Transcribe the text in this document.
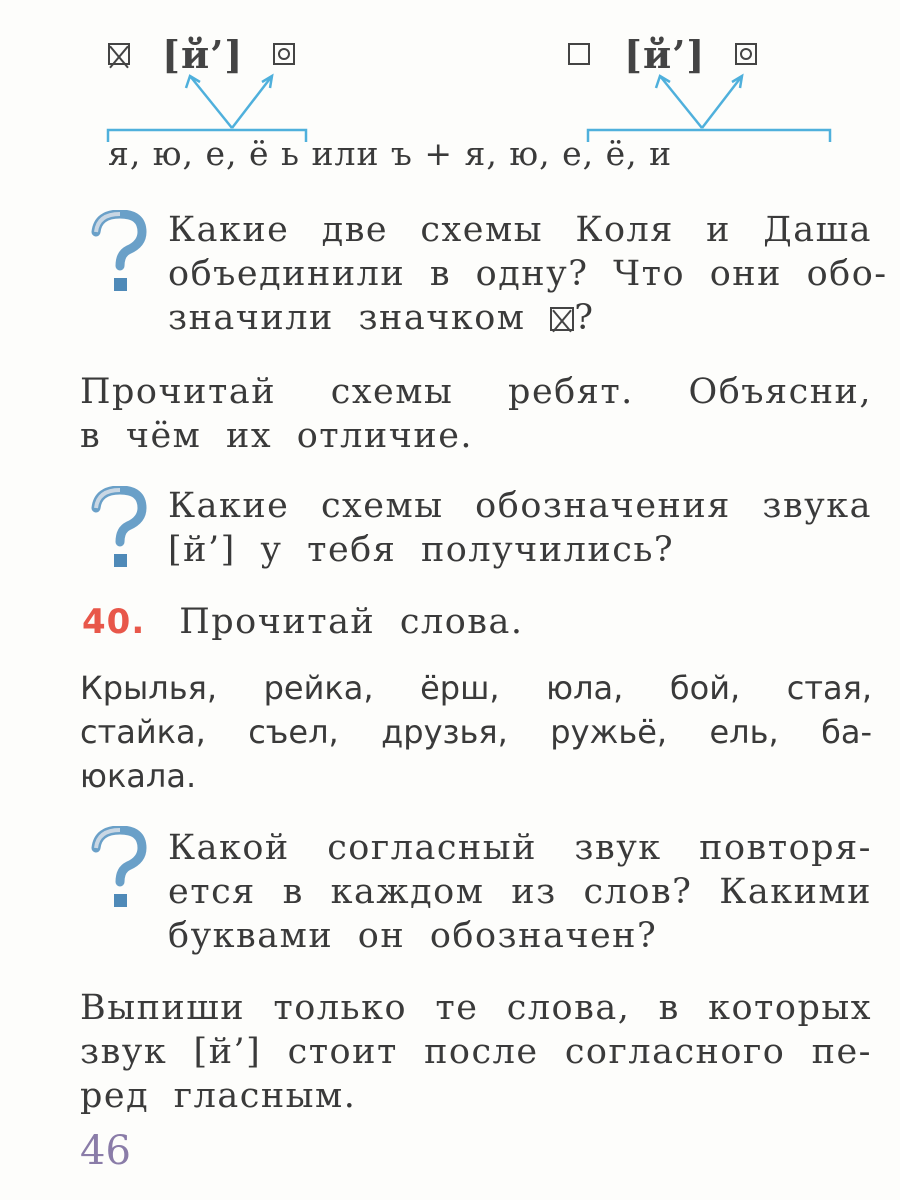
[й’]	[й’]
я, ю, е, ё ь или ъ + я, ю, е, ё, и
Какие две схемы Коля и Даша
объединили в одну? Что они обо-
значили значком ☒?
Прочитай схемы ребят. Объясни,
в чём их отличие.
Какие схемы обозначения звука
[й’] у тебя получились?
40. Прочитай слова.
Крылья, рейка, ёрш, юла, бой, стая,
стайка, съел, друзья, ружьё, ель, ба-
юкала.
Какой согласный звук повторя-
ется в каждом из слов? Какими
буквами он обозначен?
Выпиши только те слова, в которых
звук [й’] стоит после согласного пе-
ред гласным.
46
